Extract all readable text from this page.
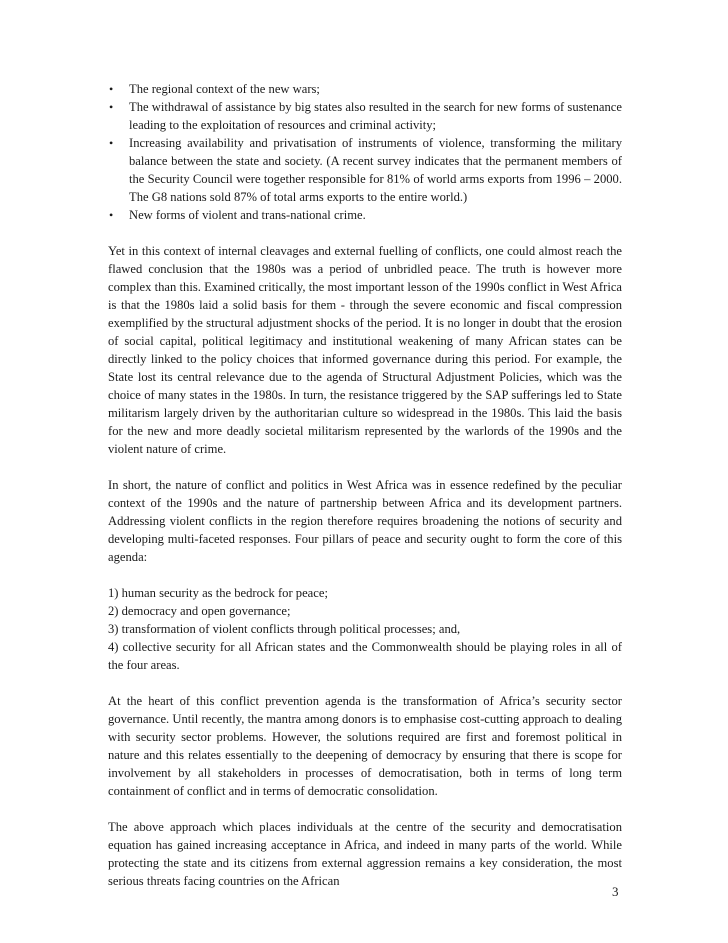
• The regional context of the new wars;
• The withdrawal of assistance by big states also resulted in the search for new forms of sustenance leading to the exploitation of resources and criminal activity;
• Increasing availability and privatisation of instruments of violence, transforming the military balance between the state and society. (A recent survey indicates that the permanent members of the Security Council were together responsible for 81% of world arms exports from 1996 – 2000. The G8 nations sold 87% of total arms exports to the entire world.)
• New forms of violent and trans-national crime.

Yet in this context of internal cleavages and external fuelling of conflicts, one could almost reach the flawed conclusion that the 1980s was a period of unbridled peace. The truth is however more complex than this. Examined critically, the most important lesson of the 1990s conflict in West Africa is that the 1980s laid a solid basis for them - through the severe economic and fiscal compression exemplified by the structural adjustment shocks of the period. It is no longer in doubt that the erosion of social capital, political legitimacy and institutional weakening of many African states can be directly linked to the policy choices that informed governance during this period. For example, the State lost its central relevance due to the agenda of Structural Adjustment Policies, which was the choice of many states in the 1980s. In turn, the resistance triggered by the SAP sufferings led to State militarism largely driven by the authoritarian culture so widespread in the 1980s. This laid the basis for the new and more deadly societal militarism represented by the warlords of the 1990s and the violent nature of crime.

In short, the nature of conflict and politics in West Africa was in essence redefined by the peculiar context of the 1990s and the nature of partnership between Africa and its development partners. Addressing violent conflicts in the region therefore requires broadening the notions of security and developing multi-faceted responses. Four pillars of peace and security ought to form the core of this agenda:

1) human security as the bedrock for peace;
2) democracy and open governance;
3) transformation of violent conflicts through political processes; and,
4) collective security for all African states and the Commonwealth should be playing roles in all of the four areas.

At the heart of this conflict prevention agenda is the transformation of Africa’s security sector governance. Until recently, the mantra among donors is to emphasise cost-cutting approach to dealing with security sector problems. However, the solutions required are first and foremost political in nature and this relates essentially to the deepening of democracy by ensuring that there is scope for involvement by all stakeholders in processes of democratisation, both in terms of long term containment of conflict and in terms of democratic consolidation.

The above approach which places individuals at the centre of the security and democratisation equation has gained increasing acceptance in Africa, and indeed in many parts of the world. While protecting the state and its citizens from external aggression remains a key consideration, the most serious threats facing countries on the African

3
